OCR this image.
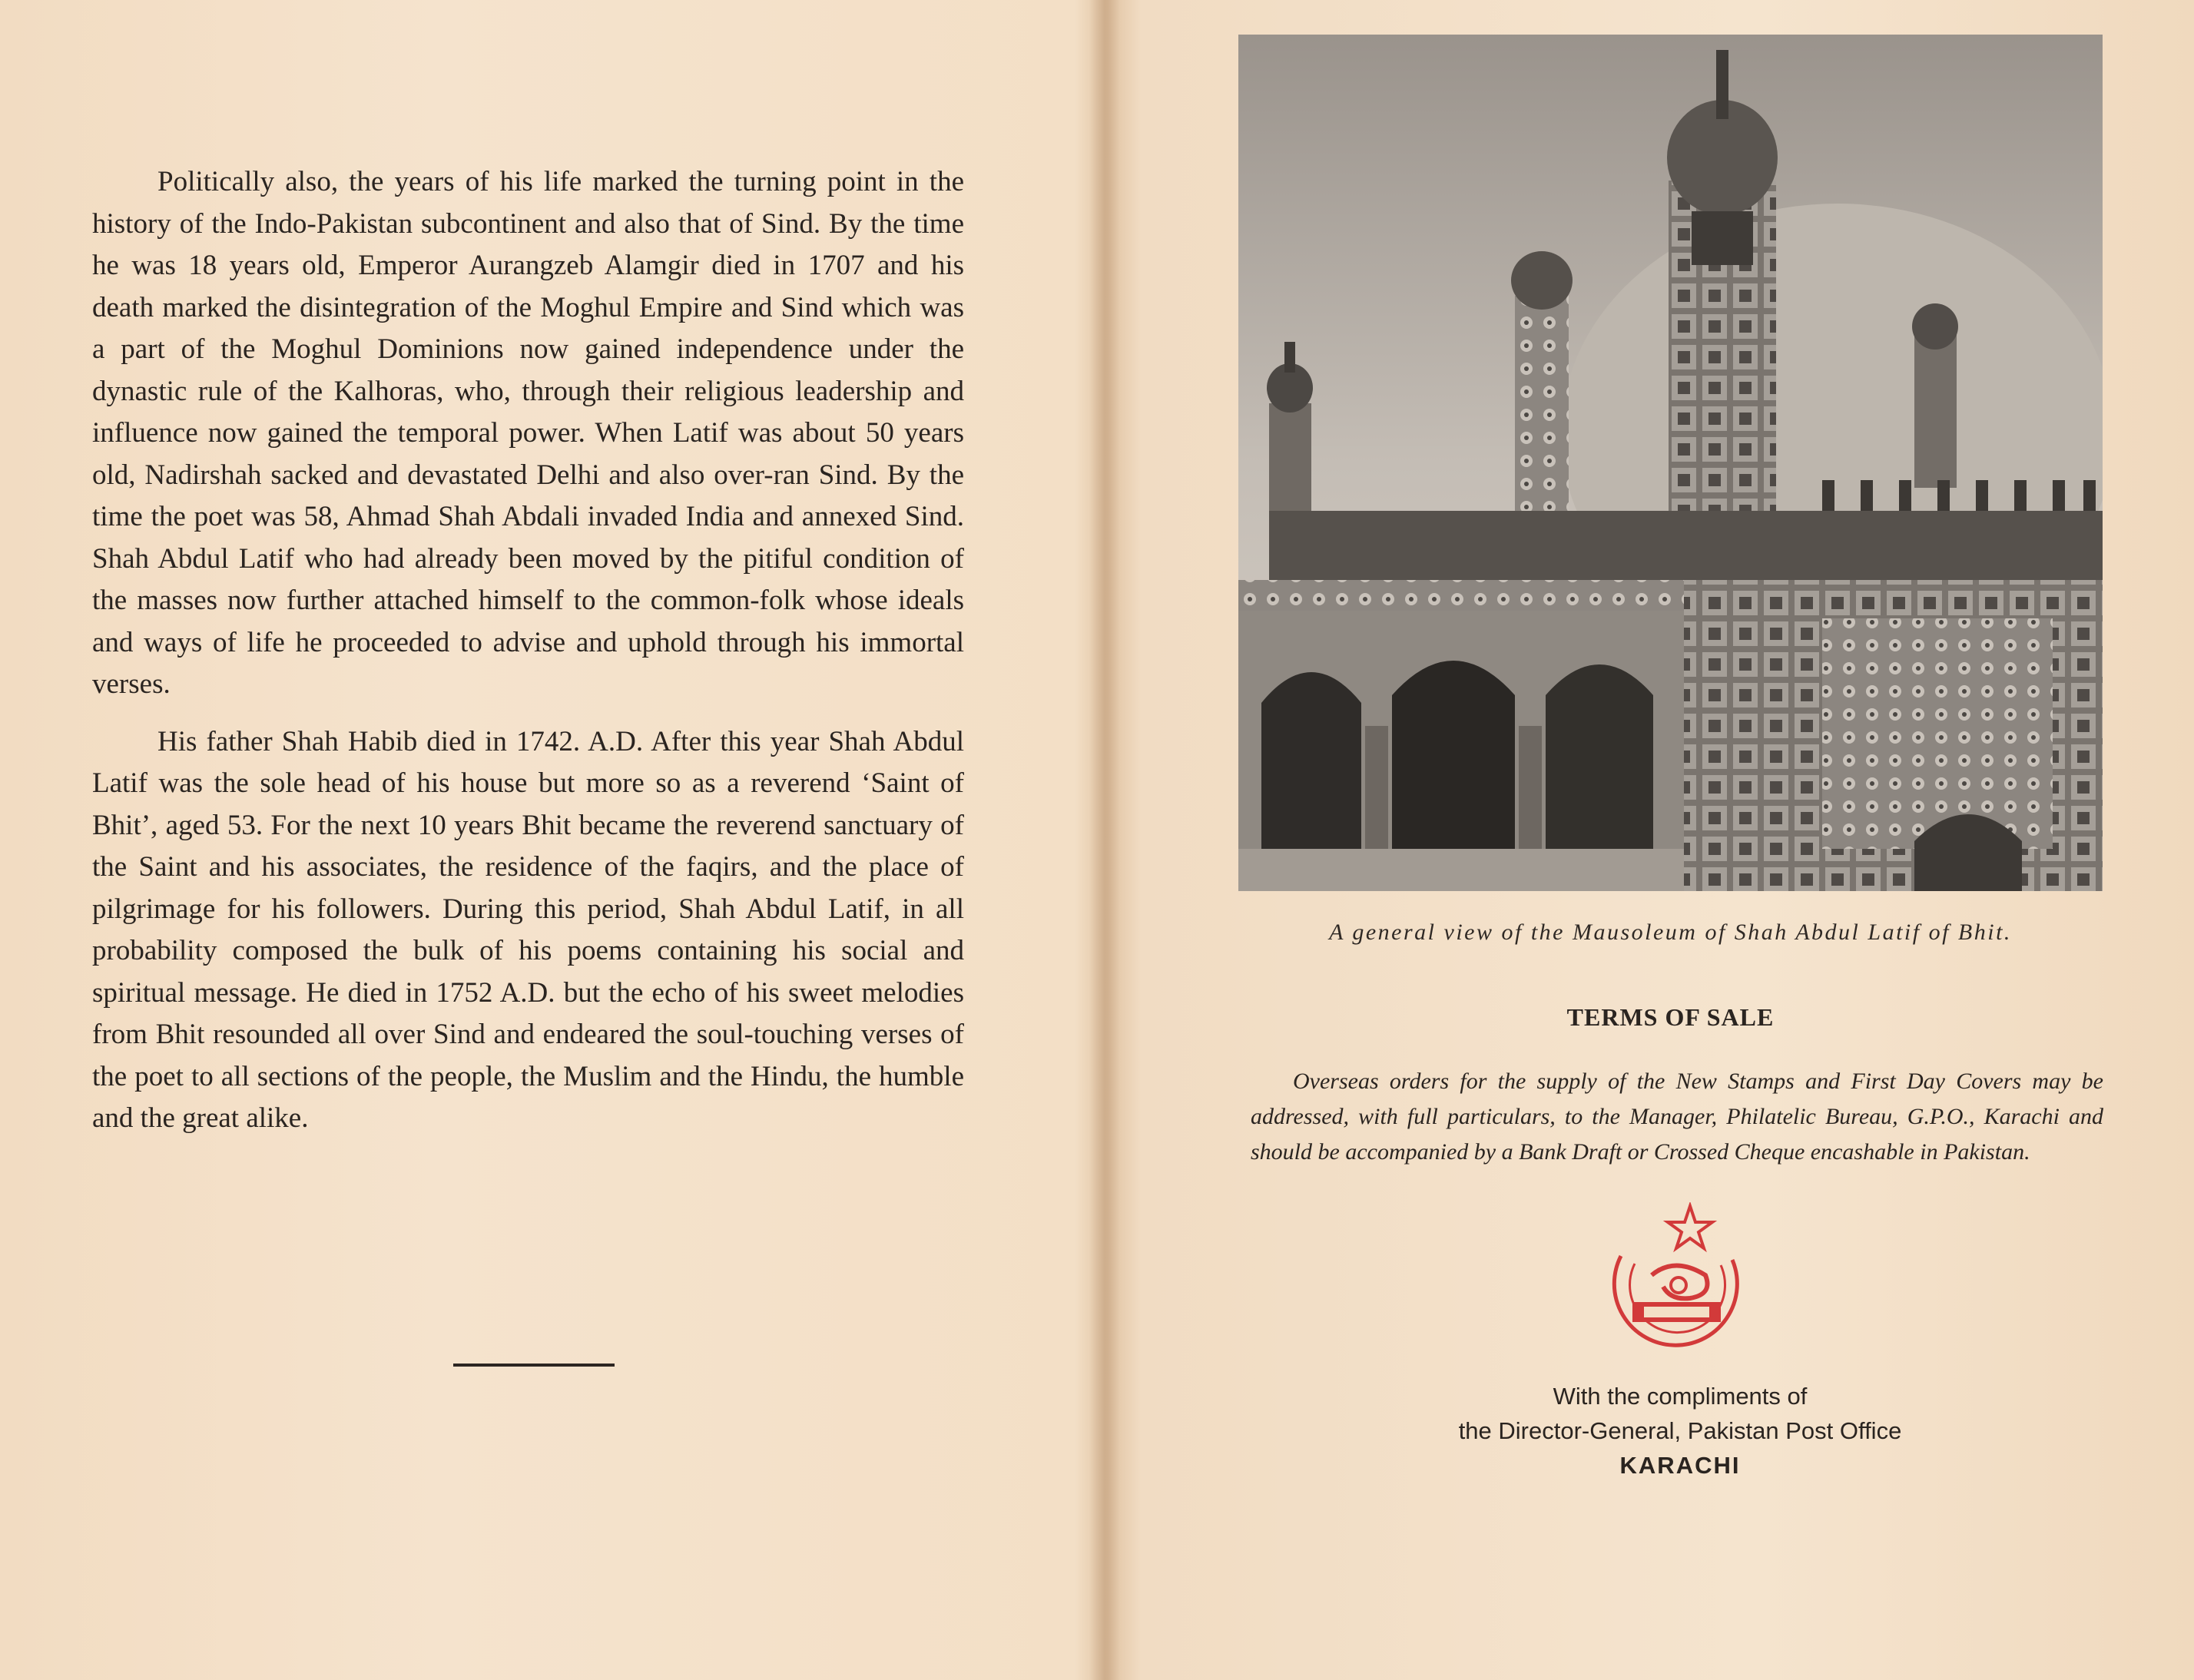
Politically also, the years of his life marked the turning point in the history of the Indo-Pakistan subcontinent and also that of Sind. By the time he was 18 years old, Emperor Aurangzeb Alamgir died in 1707 and his death marked the disintegration of the Moghul Empire and Sind which was a part of the Moghul Dominions now gained independence under the dynastic rule of the Kalhoras, who, through their religious leadership and influence now gained the temporal power. When Latif was about 50 years old, Nadirshah sacked and devastated Delhi and also over-ran Sind. By the time the poet was 58, Ahmad Shah Abdali invaded India and annexed Sind. Shah Abdul Latif who had already been moved by the pitiful condition of the masses now further attached himself to the common-folk whose ideals and ways of life he proceeded to advise and uphold through his immortal verses.

His father Shah Habib died in 1742. A.D. After this year Shah Abdul Latif was the sole head of his house but more so as a reverend ‘Saint of Bhit’, aged 53. For the next 10 years Bhit became the reverend sanctuary of the Saint and his associates, the residence of the faqirs, and the place of pilgrimage for his followers. During this period, Shah Abdul Latif, in all probability composed the bulk of his poems containing his social and spiritual message. He died in 1752 A.D. but the echo of his sweet melodies from Bhit resounded all over Sind and endeared the soul-touching verses of the poet to all sections of the people, the Muslim and the Hindu, the humble and the great alike.

A general view of the Mausoleum of Shah Abdul Latif of Bhit.
TERMS OF SALE
Overseas orders for the supply of the New Stamps and First Day Covers may be addressed, with full particulars, to the Manager, Philatelic Bureau, G.P.O., Karachi and should be accompanied by a Bank Draft or Crossed Cheque encashable in Pakistan.
With the compliments of
the Director-General, Pakistan Post Office
KARACHI
